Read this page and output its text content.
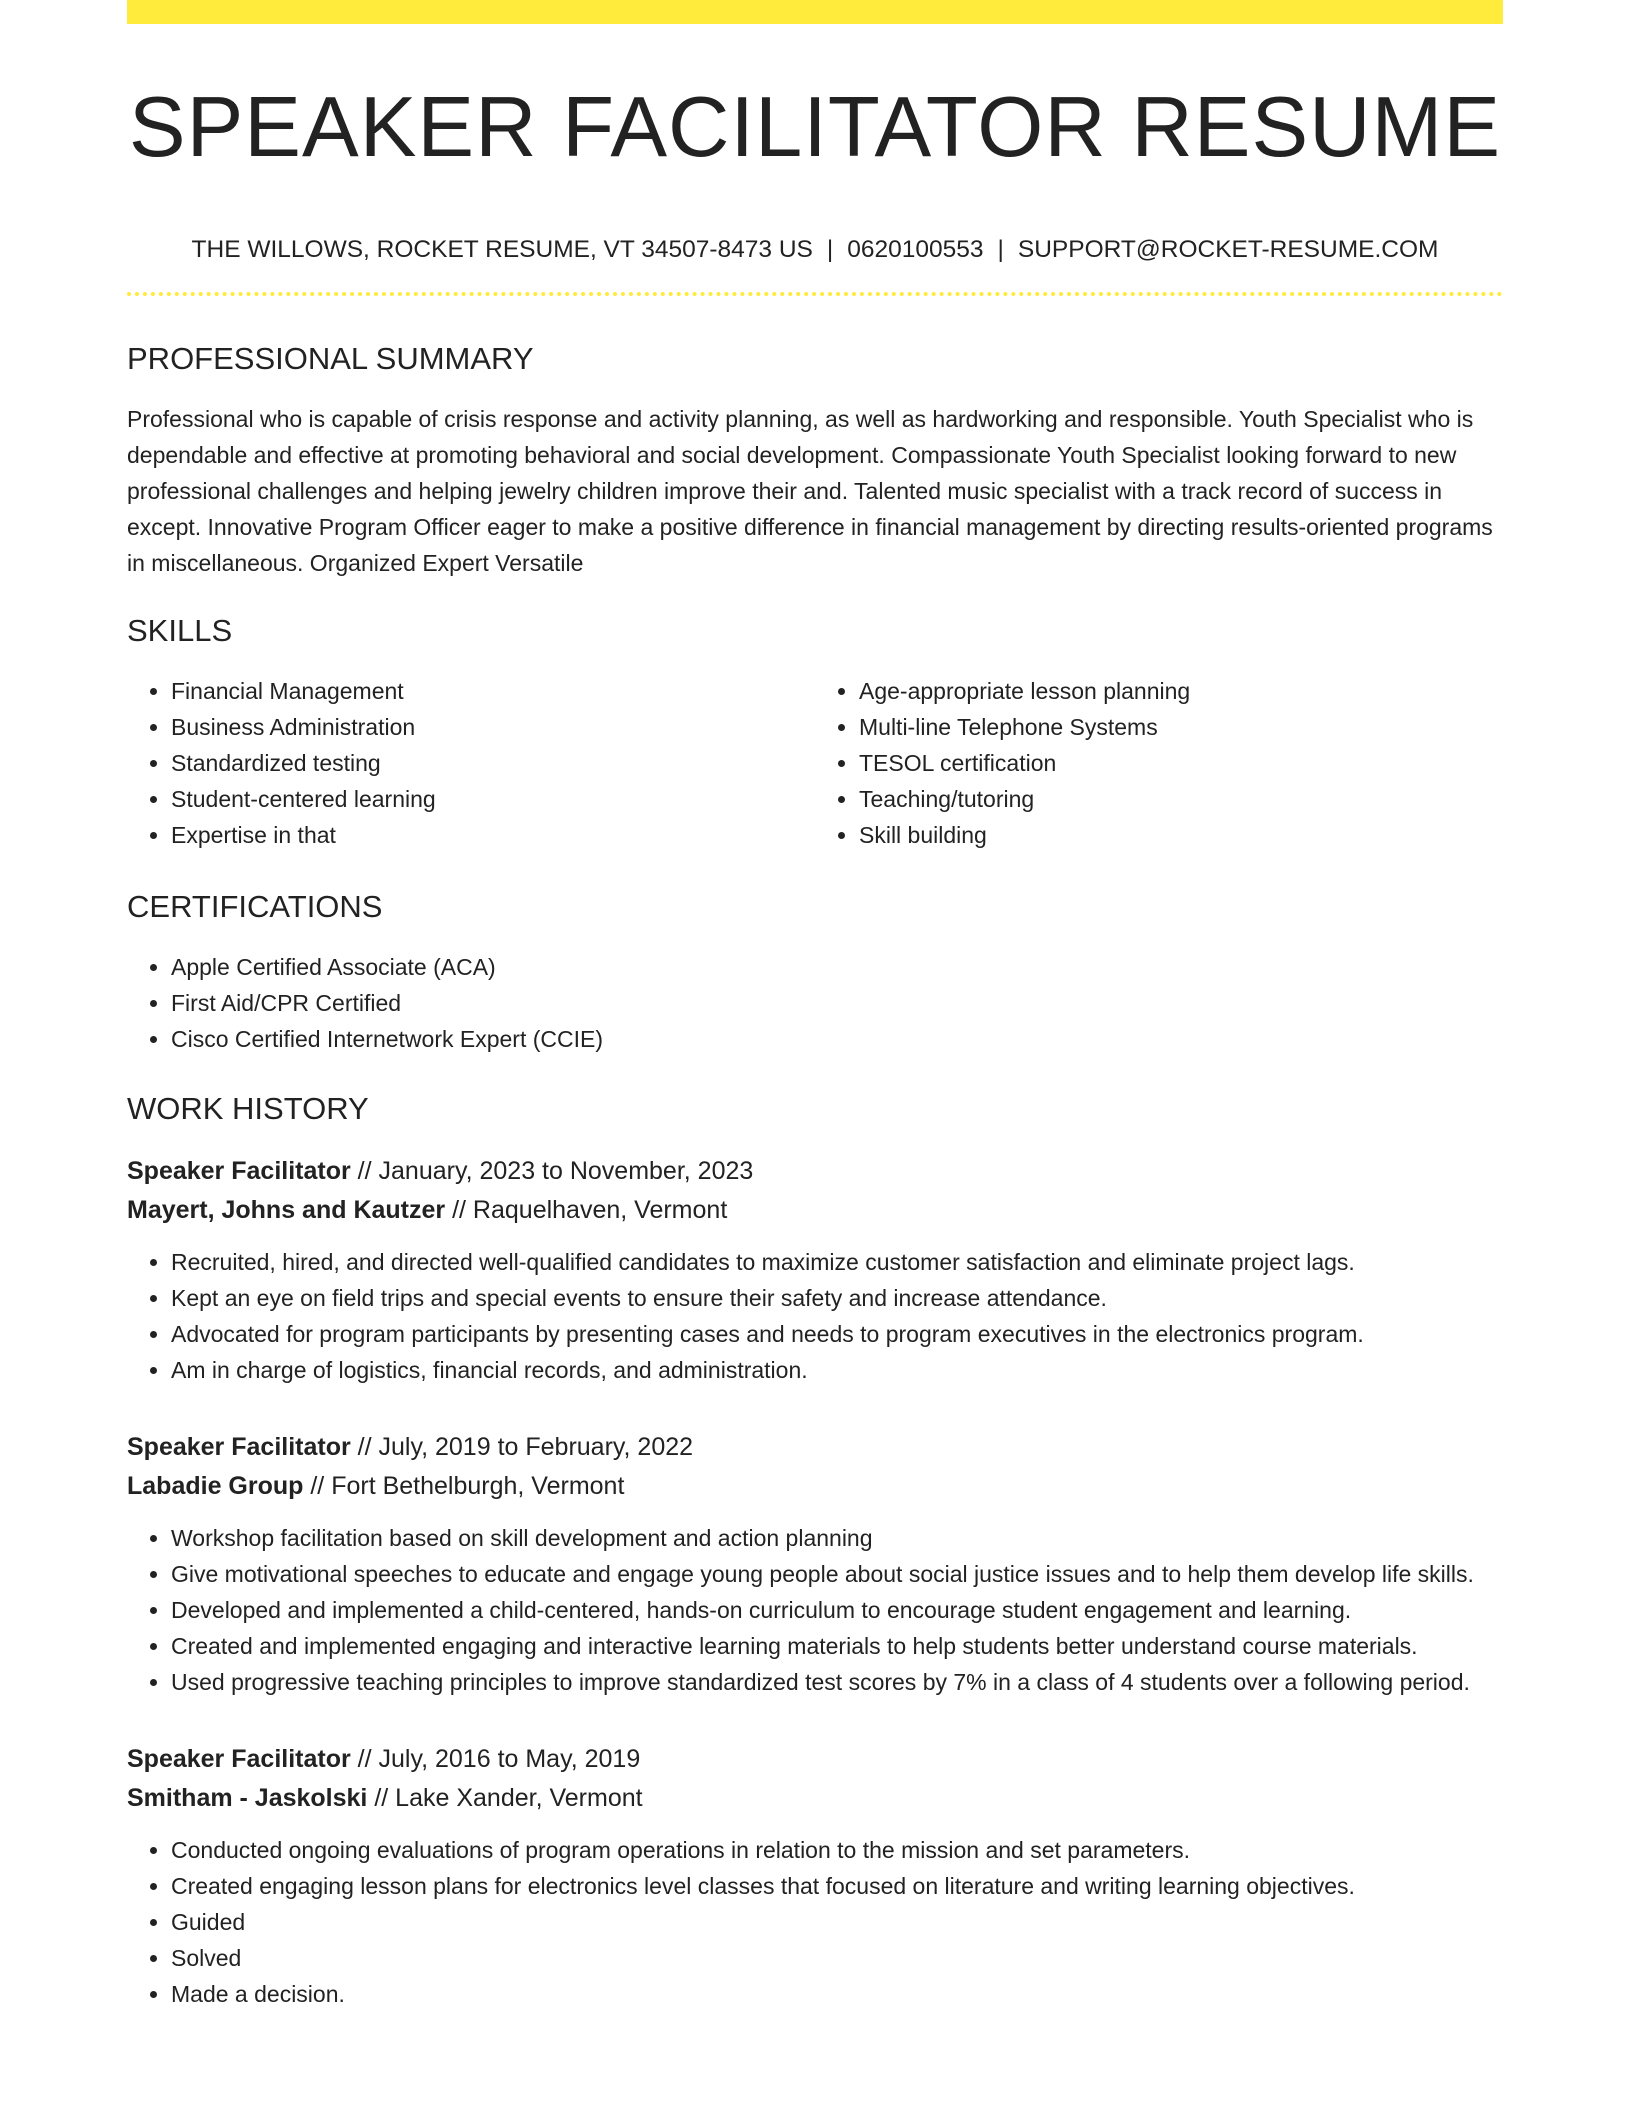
SPEAKER FACILITATOR RESUME
THE WILLOWS, ROCKET RESUME, VT 34507-8473 US | 0620100553 | SUPPORT@ROCKET-RESUME.COM
PROFESSIONAL SUMMARY

Professional who is capable of crisis response and activity planning, as well as hardworking and responsible. Youth Specialist who is dependable and effective at promoting behavioral and social development. Compassionate Youth Specialist looking forward to new professional challenges and helping jewelry children improve their and. Talented music specialist with a track record of success in except. Innovative Program Officer eager to make a positive difference in financial management by directing results-oriented programs in miscellaneous. Organized Expert Versatile

SKILLS
• Financial Management
• Business Administration
• Standardized testing
• Student-centered learning
• Expertise in that
• Age-appropriate lesson planning
• Multi-line Telephone Systems
• TESOL certification
• Teaching/tutoring
• Skill building
CERTIFICATIONS
• Apple Certified Associate (ACA)
• First Aid/CPR Certified
• Cisco Certified Internetwork Expert (CCIE)
WORK HISTORY
Speaker Facilitator // January, 2023 to November, 2023
Mayert, Johns and Kautzer // Raquelhaven, Vermont
• Recruited, hired, and directed well-qualified candidates to maximize customer satisfaction and eliminate project lags.
• Kept an eye on field trips and special events to ensure their safety and increase attendance.
• Advocated for program participants by presenting cases and needs to program executives in the electronics program.
• Am in charge of logistics, financial records, and administration.
Speaker Facilitator // July, 2019 to February, 2022
Labadie Group // Fort Bethelburgh, Vermont
• Workshop facilitation based on skill development and action planning
• Give motivational speeches to educate and engage young people about social justice issues and to help them develop life skills.
• Developed and implemented a child-centered, hands-on curriculum to encourage student engagement and learning.
• Created and implemented engaging and interactive learning materials to help students better understand course materials.
• Used progressive teaching principles to improve standardized test scores by 7% in a class of 4 students over a following period.
Speaker Facilitator // July, 2016 to May, 2019
Smitham - Jaskolski // Lake Xander, Vermont
• Conducted ongoing evaluations of program operations in relation to the mission and set parameters.
• Created engaging lesson plans for electronics level classes that focused on literature and writing learning objectives.
• Guided
• Solved
• Made a decision.
